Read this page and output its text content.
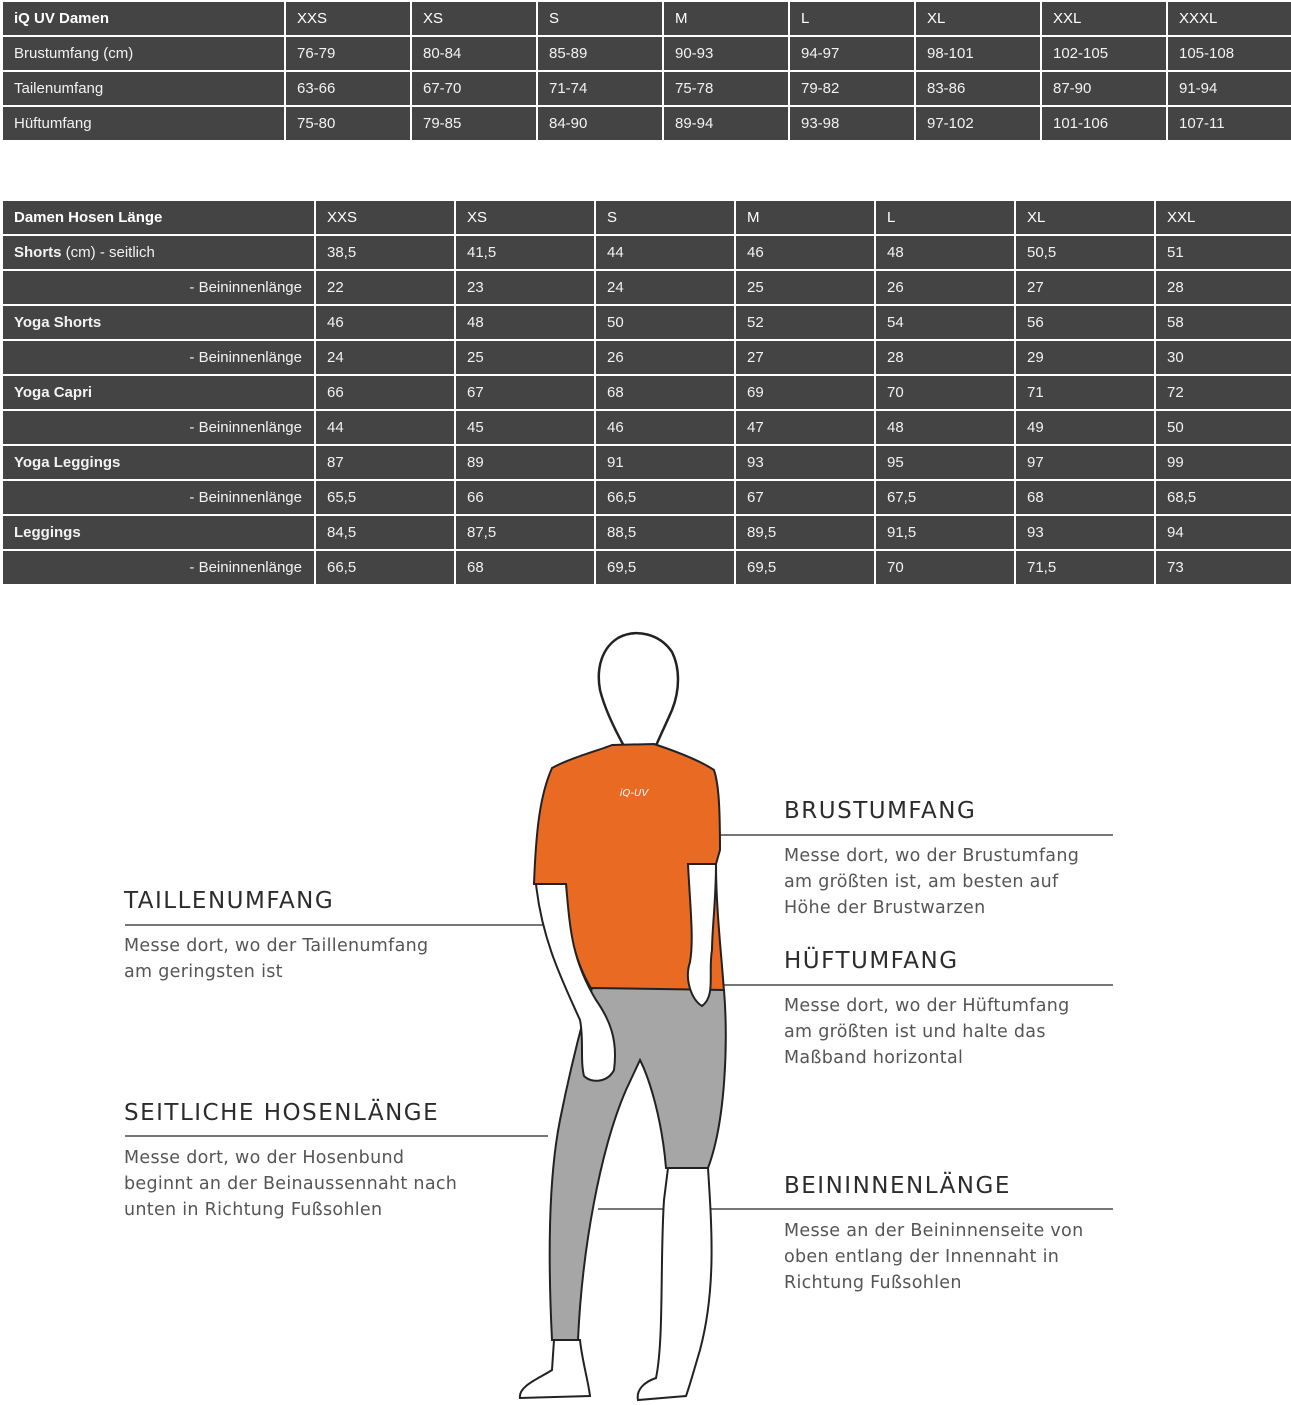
iQ UV Damen	XXS	XS	S	M	L	XL	XXL	XXXL
Brustumfang (cm)	76-79	80-84	85-89	90-93	94-97	98-101	102-105	105-108
Tailenumfang	63-66	67-70	71-74	75-78	79-82	83-86	87-90	91-94
Hüftumfang	75-80	79-85	84-90	89-94	93-98	97-102	101-106	107-11
Damen Hosen Länge	XXS	XS	S	M	L	XL	XXL
Shorts (cm) - seitlich	38,5	41,5	44	46	48	50,5	51
- Beininnenlänge	22	23	24	25	26	27	28
Yoga Shorts	46	48	50	52	54	56	58
- Beininnenlänge	24	25	26	27	28	29	30
Yoga Capri	66	67	68	69	70	71	72
- Beininnenlänge	44	45	46	47	48	49	50
Yoga Leggings	87	89	91	93	95	97	99
- Beininnenlänge	65,5	66	66,5	67	67,5	68	68,5
Leggings	84,5	87,5	88,5	89,5	91,5	93	94
- Beininnenlänge	66,5	68	69,5	69,5	70	71,5	73
iQ-UV
BRUSTUMFANG
Messe dort, wo der Brustumfang
am größten ist, am besten auf
Höhe der Brustwarzen
TAILLENUMFANG
Messe dort, wo der Taillenumfang
am geringsten ist	HÜFTUMFANG
Messe dort, wo der Hüftumfang
am größten ist und halte das
Maßband horizontal
SEITLICHE HOSENLÄNGE
Messe dort, wo der Hosenbund
beginnt an der Beinaussennaht nach
unten in Richtung Fußsohlen
BEININNENLÄNGE
Messe an der Beininnenseite von
oben entlang der Innennaht in
Richtung Fußsohlen
